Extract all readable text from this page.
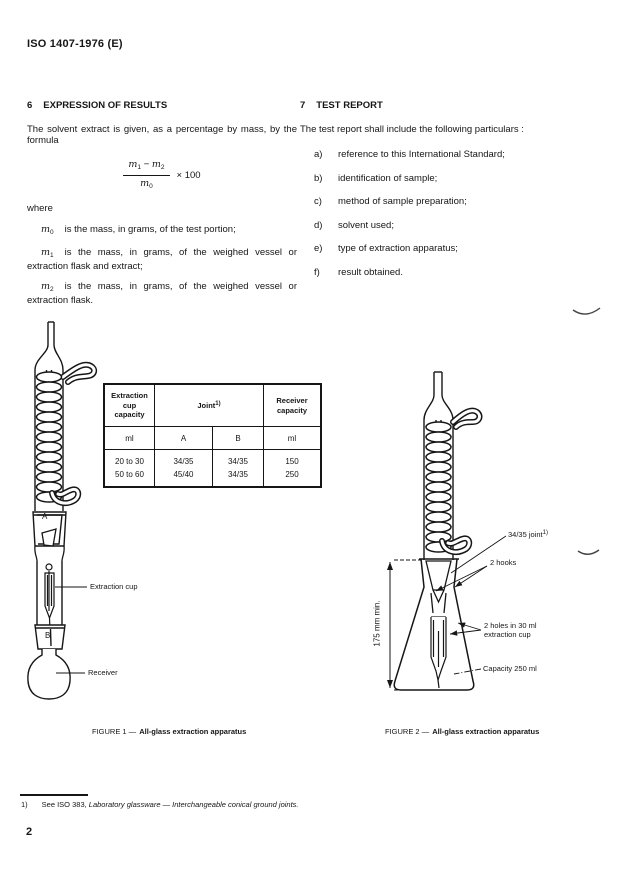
ISO 1407-1976 (E)
6 EXPRESSION OF RESULTS

The solvent extract is given, as a percentage by mass, by the formula

$\frac{m_1 - m_2}{m_0} \times 100$

where

$m_0$ is the mass, in grams, of the test portion;

$m_1$ is the mass, in grams, of the weighed vessel or extraction flask and extract;

$m_2$ is the mass, in grams, of the weighed vessel or extraction flask.

7 TEST REPORT

The test report shall include the following particulars :

a)	reference to this International Standard;
b)	identification of sample;
c)	method of sample preparation;
d)	solvent used;
e)	type of extraction apparatus;
f)	result obtained.
A
B
Extraction cup
Receiver
Extraction cup capacity	Joint$^{1)}$		Receiver capacity
ml	A	B	ml
20 to 30	34/35	34/35	150
50 to 60	45/40	34/35	250
34/35 joint$^{1)}$
2 hooks
2 holes in 30 ml
extraction cup
Capacity 250 ml
175 mm min.
FIGURE 1 — All-glass extraction apparatus	FIGURE 2 — All-glass extraction apparatus
1) See ISO 383, Laboratory glassware — Interchangeable conical ground joints.
2
